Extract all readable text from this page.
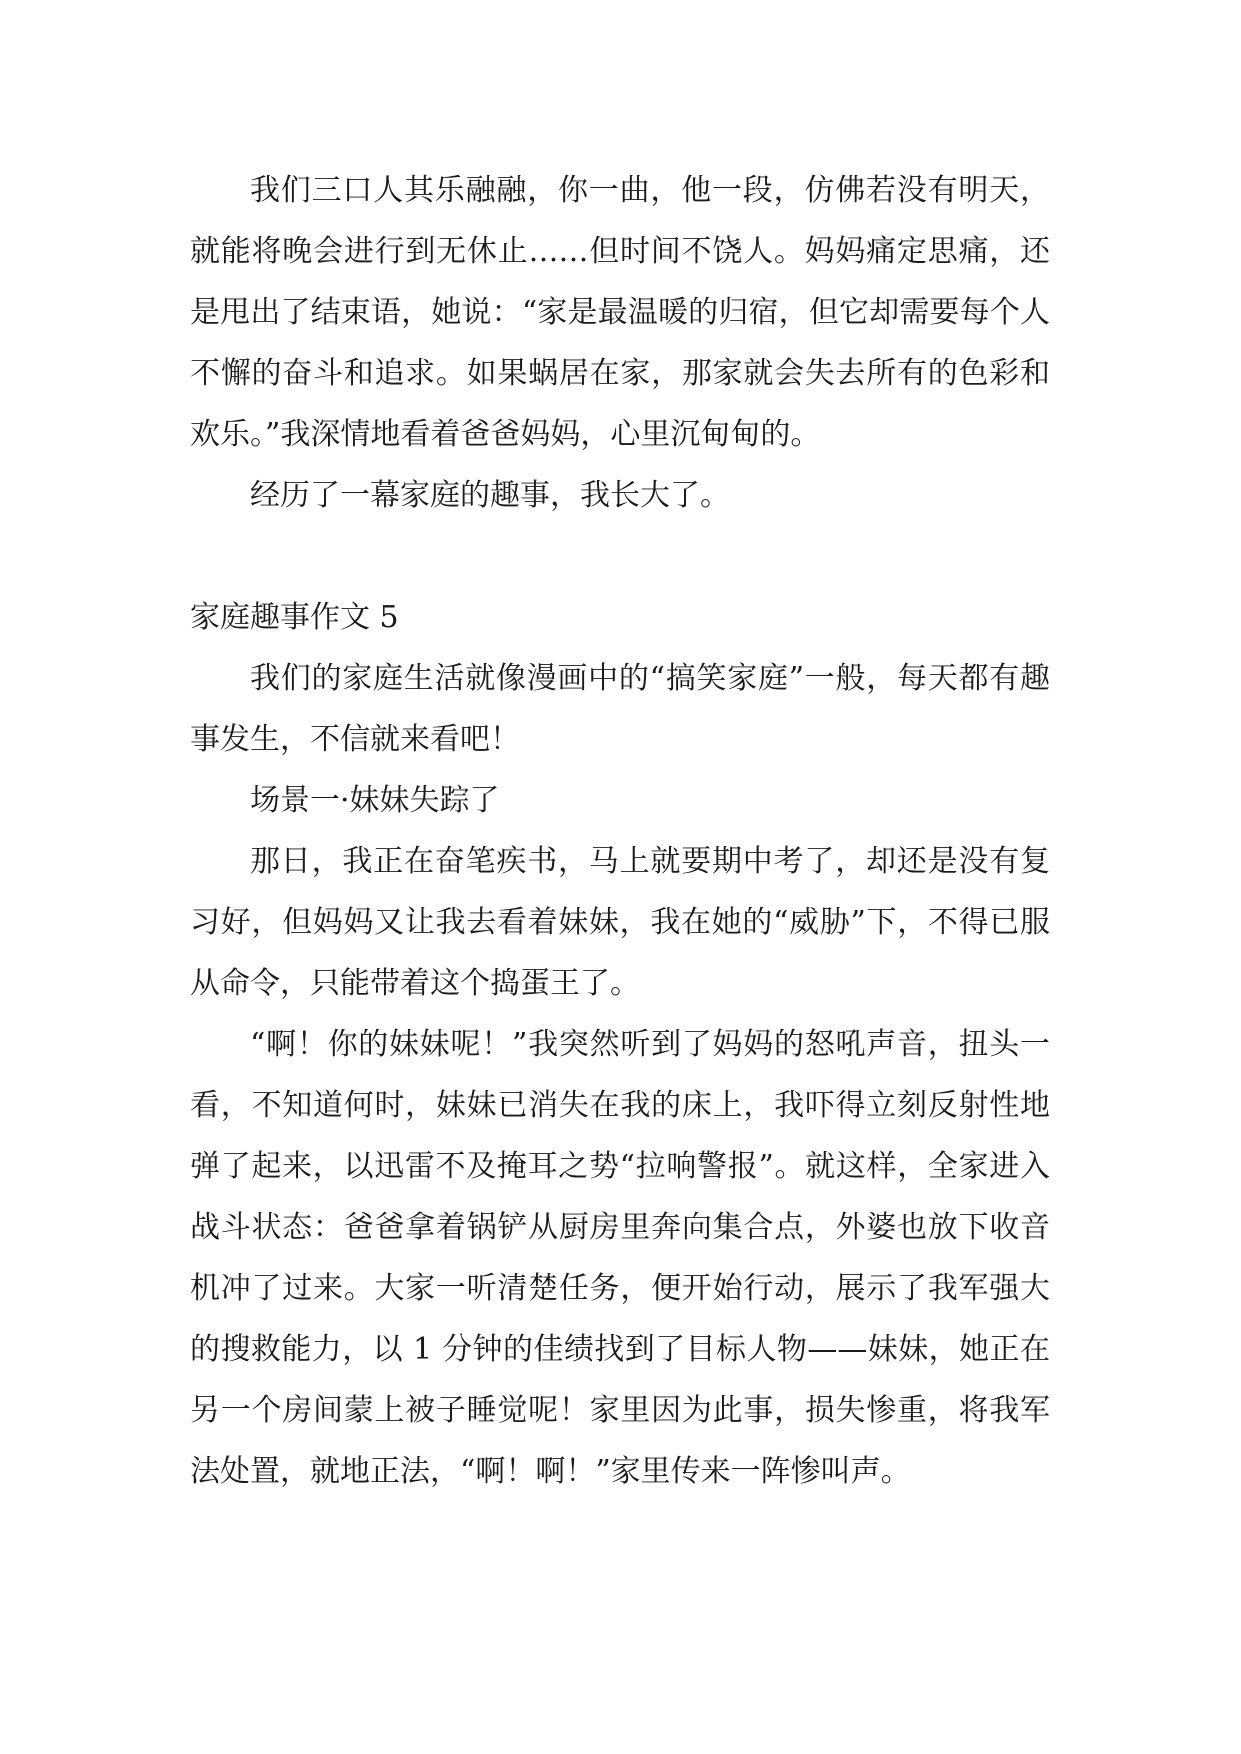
我们三口人其乐融融，你一曲，他一段，仿佛若没有明天，就能将晚会进行到无休止……但时间不饶人。妈妈痛定思痛，还是甩出了结束语，她说：“家是最温暖的归宿，但它却需要每个人不懈的奋斗和追求。如果蜗居在家，那家就会失去所有的色彩和欢乐。”我深情地看着爸爸妈妈，心里沉甸甸的。

经历了一幕家庭的趣事，我长大了。

家庭趣事作文 5

我们的家庭生活就像漫画中的“搞笑家庭”一般，每天都有趣事发生，不信就来看吧！

场景一·妹妹失踪了

那日，我正在奋笔疾书，马上就要期中考了，却还是没有复习好，但妈妈又让我去看着妹妹，我在她的“威胁”下，不得已服从命令，只能带着这个捣蛋王了。

“啊！你的妹妹呢！”我突然听到了妈妈的怒吼声音，扭头一看，不知道何时，妹妹已消失在我的床上，我吓得立刻反射性地弹了起来，以迅雷不及掩耳之势“拉响警报”。就这样，全家进入战斗状态：爸爸拿着锅铲从厨房里奔向集合点，外婆也放下收音机冲了过来。大家一听清楚任务，便开始行动，展示了我军强大的搜救能力，以 1 分钟的佳绩找到了目标人物——妹妹，她正在另一个房间蒙上被子睡觉呢！家里因为此事，损失惨重，将我军法处置，就地正法，“啊！啊！”家里传来一阵惨叫声。
